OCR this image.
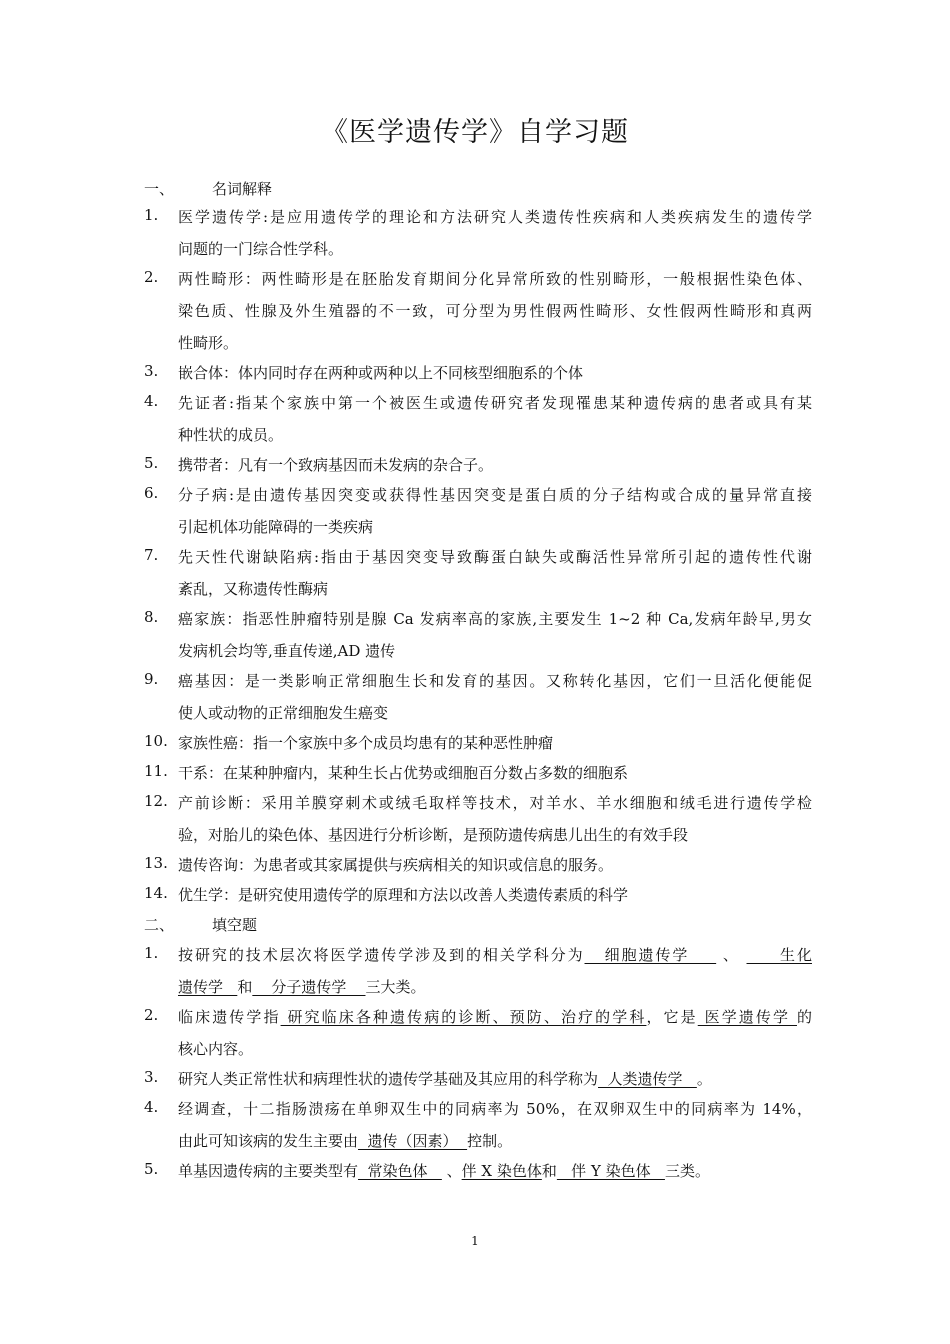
《医学遗传学》自学习题
一、	名词解释
1. 医学遗传学:是应用遗传学的理论和方法研究人类遗传性疾病和人类疾病发生的遗传学
问题的一门综合性学科。
2. 两性畸形：两性畸形是在胚胎发育期间分化异常所致的性别畸形，一般根据性染色体、
梁色质、性腺及外生殖器的不一致，可分型为男性假两性畸形、女性假两性畸形和真两
性畸形。
3. 嵌合体：体内同时存在两种或两种以上不同核型细胞系的个体
4. 先证者:指某个家族中第一个被医生或遗传研究者发现罹患某种遗传病的患者或具有某
种性状的成员。
5. 携带者：凡有一个致病基因而未发病的杂合子。
6. 分子病:是由遗传基因突变或获得性基因突变是蛋白质的分子结构或合成的量异常直接
引起机体功能障碍的一类疾病
7. 先天性代谢缺陷病:指由于基因突变导致酶蛋白缺失或酶活性异常所引起的遗传性代谢
紊乱，又称遗传性酶病
8. 癌家族：指恶性肿瘤特别是腺 Ca 发病率高的家族,主要发生 1~2 种 Ca,发病年龄早,男女
发病机会均等,垂直传递,AD 遗传
9. 癌基因：是一类影响正常细胞生长和发育的基因。又称转化基因，它们一旦活化便能促
使人或动物的正常细胞发生癌变
10. 家族性癌：指一个家族中多个成员均患有的某种恶性肿瘤
11. 干系：在某种肿瘤内，某种生长占优势或细胞百分数占多数的细胞系
12. 产前诊断：采用羊膜穿刺术或绒毛取样等技术，对羊水、羊水细胞和绒毛进行遗传学检
验，对胎儿的染色体、基因进行分析诊断，是预防遗传病患儿出生的有效手段
13. 遗传咨询：为患者或其家属提供与疾病相关的知识或信息的服务。
14. 优生学：是研究使用遗传学的原理和方法以改善人类遗传素质的科学
二、	填空题
1. 按研究的技术层次将医学遗传学涉及到的相关学科分为   细胞遗传学     、      生化
遗传学   和    分子遗传学    三大类。
2. 临床遗传学指 研究临床各种遗传病的诊断、预防、治疗的学科，它是 医学遗传学 的
核心内容。
3. 研究人类正常性状和病理性状的遗传学基础及其应用的科学称为  人类遗传学   。
4. 经调查，十二指肠溃疡在单卵双生中的同病率为 50%，在双卵双生中的同病率为 14%，
由此可知该病的发生主要由  遗传（因素）  控制。
5. 单基因遗传病的主要类型有  常染色体    、伴 X 染色体和   伴 Y 染色体   三类。
1
